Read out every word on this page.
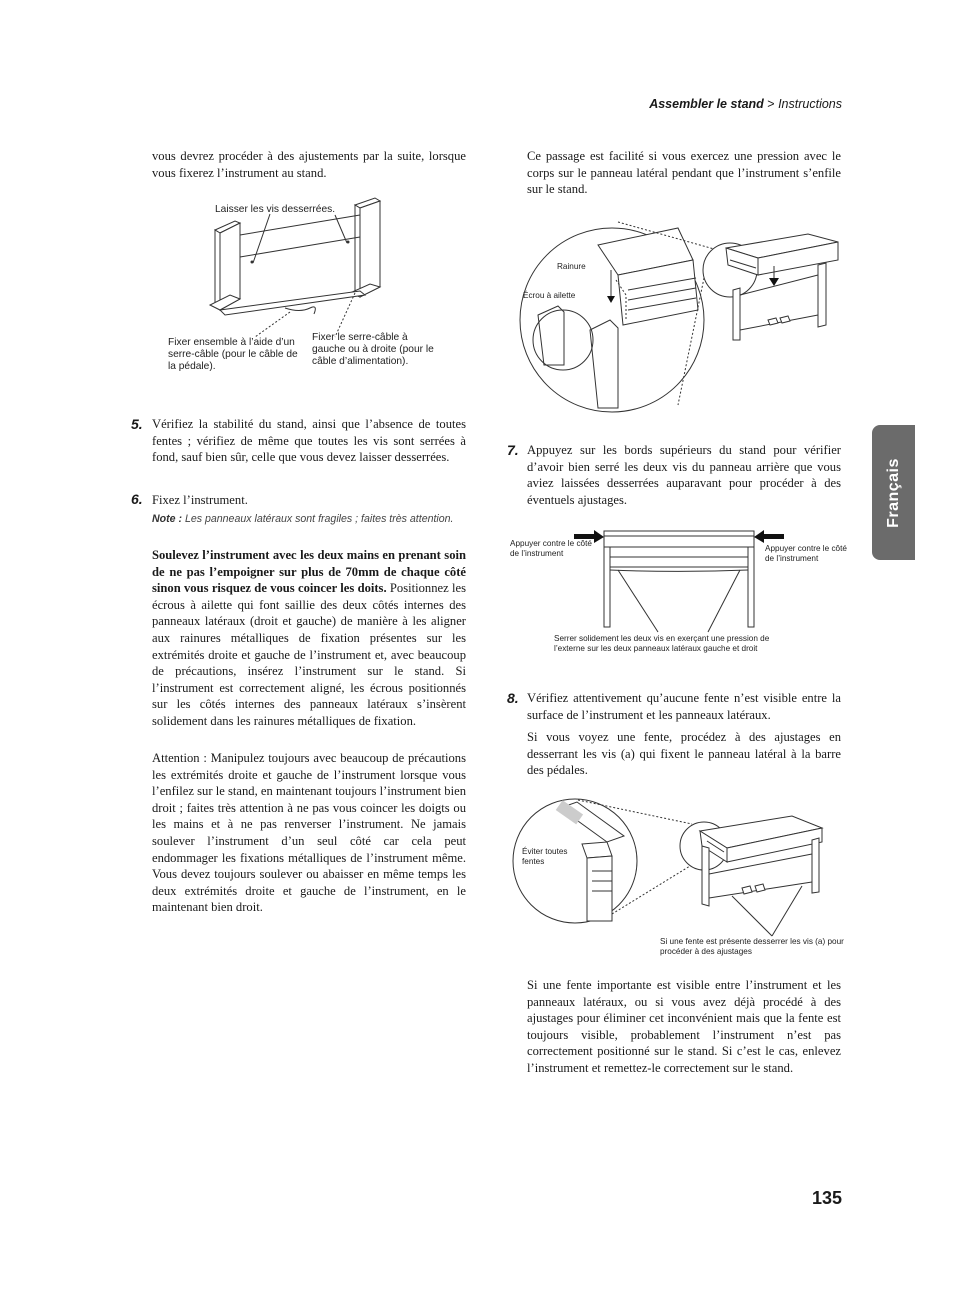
Assembler le stand > Instructions
Français

vous devrez procéder à des ajustements par la suite, lorsque vous fixerez l’instrument au stand.

Laisser les vis desserrées.
Fixer ensemble à l’aide d’un serre-câble (pour le câble de la pédale).
Fixer le serre-câble à gauche ou à droite (pour le câble d’alimentation).
5. Vérifiez la stabilité du stand, ainsi que l’absence de toutes fentes ; vérifiez de même que toutes les vis sont serrées à fond, sauf bien sûr, celle que vous devez laisser desserrées.

6. Fixez l’instrument.

Note : Les panneaux latéraux sont fragiles ; faites très attention.

Soulevez l’instrument avec les deux mains en prenant soin de ne pas l’empoigner sur plus de 70mm de chaque côté sinon vous risquez de vous coincer les doits. Positionnez les écrous à ailette qui font saillie des deux côtés internes des panneaux latéraux (droit et gauche) de manière à les aligner aux rainures métalliques de fixation présentes sur les extrémités droite et gauche de l’instrument et, avec beaucoup de précautions, insérez l’instrument sur le stand. Si l’instrument est correctement aligné, les écrous positionnés sur les côtés internes des panneaux latéraux s’insèrent solidement dans les rainures métalliques de fixation.

Attention : Manipulez toujours avec beaucoup de précautions les extrémités droite et gauche de l’instrument lorsque vous l’enfilez sur le stand, en maintenant toujours l’instrument bien droit ; faites très attention à ne pas vous coincer les doigts ou les mains et à ne pas renverser l’instrument. Ne jamais soulever l’instrument d’un seul côté car cela peut endommager les fixations métalliques de l’instrument même. Vous devez toujours soulever ou abaisser en même temps les deux extrémités droite et gauche de l’instrument, en le maintenant bien droit.

Ce passage est facilité si vous exercez une pression avec le corps sur le panneau latéral pendant que l’instrument s’enfile sur le stand.

Rainure
Écrou à ailette
7. Appuyez sur les bords supérieurs du stand pour vérifier d’avoir bien serré les deux vis du panneau arrière que vous aviez laissées desserrées auparavant pour procéder à des éventuels ajustages.

Appuyer contre le côté de l’instrument
Appuyer contre le côté de l’instrument
Serrer solidement les deux vis en exerçant une pression de l’externe sur les deux panneaux latéraux gauche et droit
8. Vérifiez attentivement qu’aucune fente n’est visible entre la surface de l’instrument et les panneaux latéraux.

Si vous voyez une fente, procédez à des ajustages en desserrant les vis (a) qui fixent le panneau latéral à la barre des pédales.

Éviter toutes fentes
Si une fente est présente desserrer les vis (a) pour procéder à des ajustages

Si une fente importante est visible entre l’instrument et les panneaux latéraux, ou si vous avez déjà procédé à des ajustages pour éliminer cet inconvénient mais que la fente est toujours visible, probablement l’instrument n’est pas correctement positionné sur le stand. Si c’est le cas, enlevez l’instrument et remettez-le correctement sur le stand.

135
